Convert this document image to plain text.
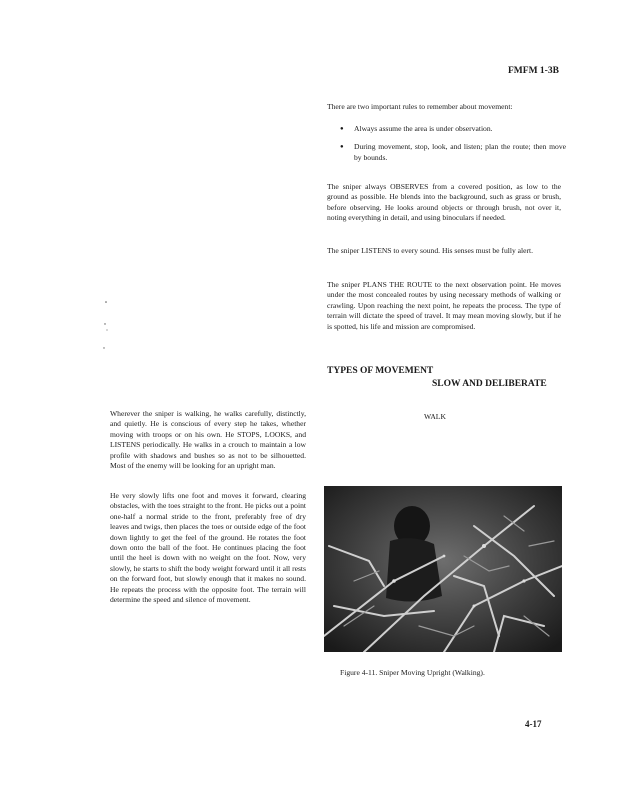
FMFM 1-3B
There are two important rules to remember about movement:
● Always assume the area is under observation.
● During movement, stop, look, and listen; plan the route; then move by bounds.

The sniper always OBSERVES from a covered position, as low to the ground as possible. He blends into the background, such as grass or brush, before observing. He looks around objects or through brush, not over it, noting everything in detail, and using binoculars if needed.

The sniper LISTENS to every sound. His senses must be fully alert.

The sniper PLANS THE ROUTE to the next observation point. He moves under the most concealed routes by using necessary methods of walking or crawling. Upon reaching the next point, he repeats the process. The type of terrain will dictate the speed of travel. It may mean moving slowly, but if he is spotted, his life and mission are compromised.

TYPES OF MOVEMENT
SLOW AND DELIBERATE
WALK

Wherever the sniper is walking, he walks carefully, distinctly, and quietly. He is conscious of every step he takes, whether moving with troops or on his own. He STOPS, LOOKS, and LISTENS periodically. He walks in a crouch to maintain a low profile with shadows and bushes so as not to be silhouetted. Most of the enemy will be looking for an upright man.

He very slowly lifts one foot and moves it forward, clearing obstacles, with the toes straight to the front. He picks out a point one-half a normal stride to the front, preferably free of dry leaves and twigs, then places the toes or outside edge of the foot down lightly to get the feel of the ground. He rotates the foot down onto the ball of the foot. He continues placing the foot until the heel is down with no weight on the foot. Now, very slowly, he starts to shift the body weight forward until it all rests on the forward foot, but slowly enough that it makes no sound. He repeats the process with the opposite foot. The terrain will determine the speed and silence of movement.

Figure 4-11. Sniper Moving Upright (Walking).
4-17
